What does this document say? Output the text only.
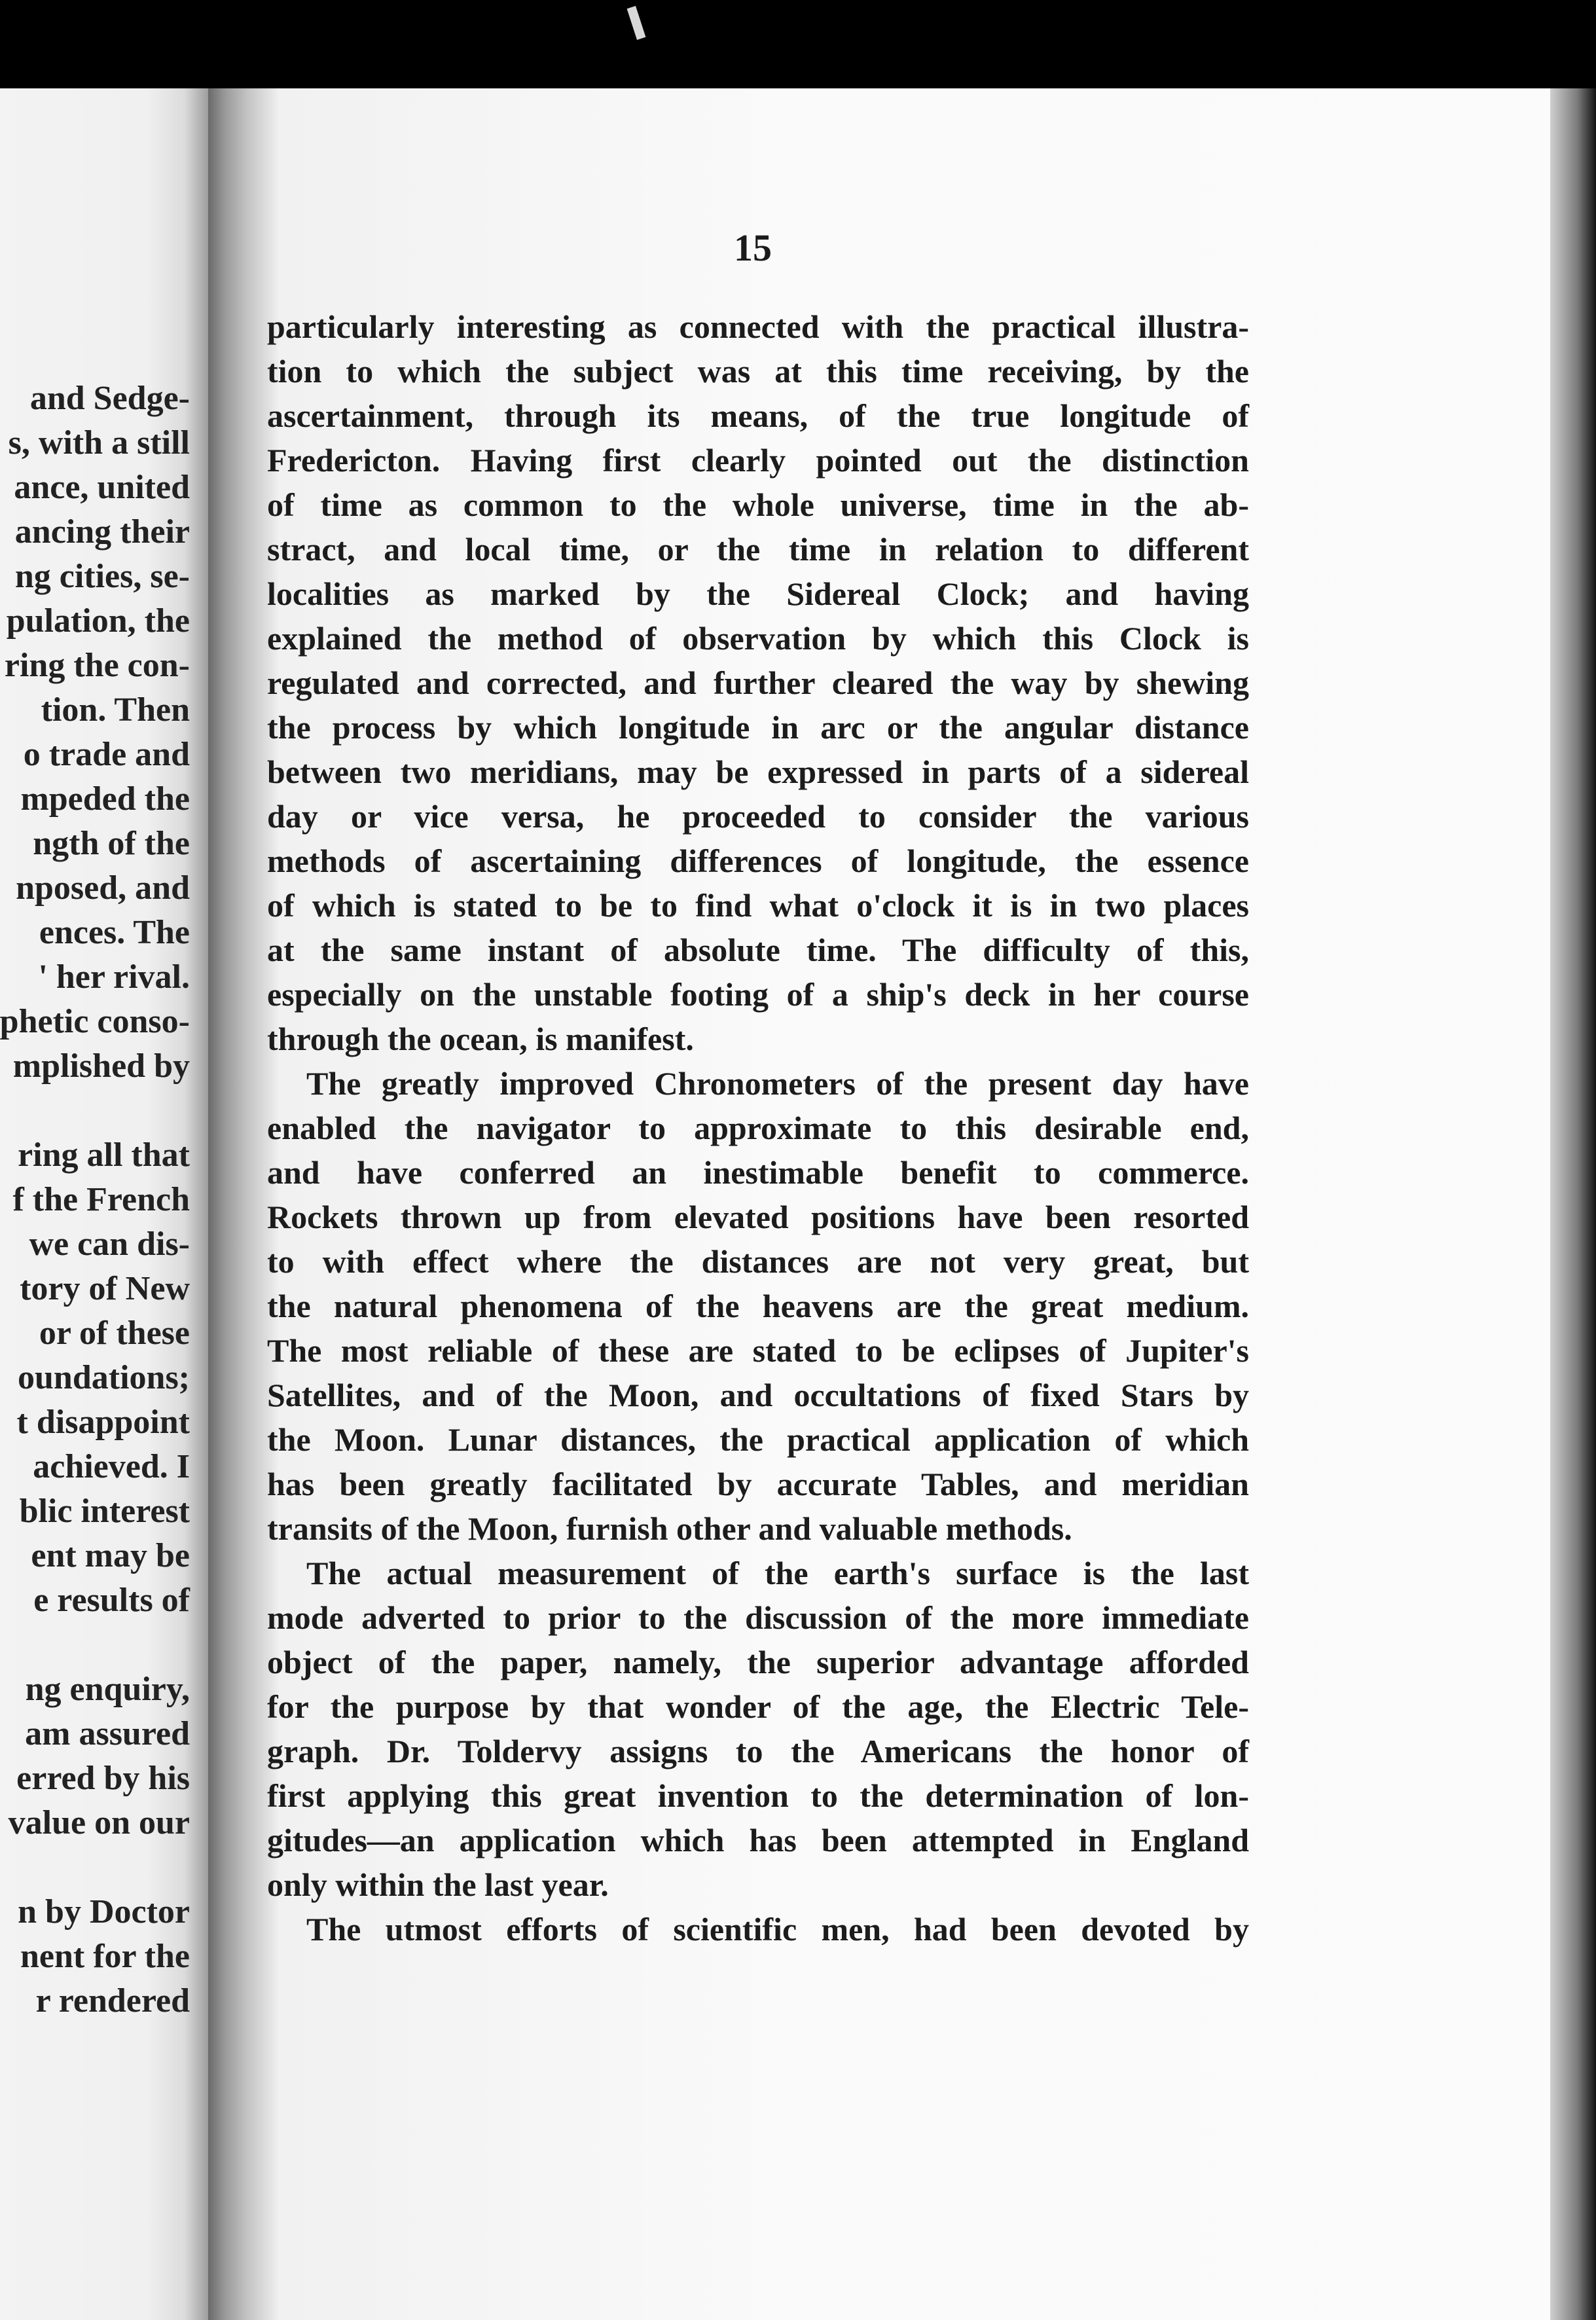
and Sedge-
s, with a still
ance, united
ancing their
ng cities, se-
pulation, the
ring the con-
tion. Then
o trade and
mpeded the
ngth of the
nposed, and
ences. The
' her rival.
phetic conso-
mplished by
ring all that
f the French
we can dis-
tory of New
or of these
oundations;
t disappoint
achieved. I
blic interest
ent may be
e results of
ng enquiry,
am assured
erred by his
value on our
n by Doctor
nent for the
r rendered
15
particularly interesting as connected with the practical illustra-
tion to which the subject was at this time receiving, by the
ascertainment, through its means, of the true longitude of
Fredericton. Having first clearly pointed out the distinction
of time as common to the whole universe, time in the ab-
stract, and local time, or the time in relation to different
localities as marked by the Sidereal Clock; and having
explained the method of observation by which this Clock is
regulated and corrected, and further cleared the way by shewing
the process by which longitude in arc or the angular distance
between two meridians, may be expressed in parts of a sidereal
day or vice versa, he proceeded to consider the various
methods of ascertaining differences of longitude, the essence
of which is stated to be to find what o'clock it is in two places
at the same instant of absolute time. The difficulty of this,
especially on the unstable footing of a ship's deck in her course
through the ocean, is manifest.
The greatly improved Chronometers of the present day have
enabled the navigator to approximate to this desirable end,
and have conferred an inestimable benefit to commerce.
Rockets thrown up from elevated positions have been resorted
to with effect where the distances are not very great, but
the natural phenomena of the heavens are the great medium.
The most reliable of these are stated to be eclipses of Jupiter's
Satellites, and of the Moon, and occultations of fixed Stars by
the Moon. Lunar distances, the practical application of which
has been greatly facilitated by accurate Tables, and meridian
transits of the Moon, furnish other and valuable methods.
The actual measurement of the earth's surface is the last
mode adverted to prior to the discussion of the more immediate
object of the paper, namely, the superior advantage afforded
for the purpose by that wonder of the age, the Electric Tele-
graph. Dr. Toldervy assigns to the Americans the honor of
first applying this great invention to the determination of lon-
gitudes—an application which has been attempted in England
only within the last year.
The utmost efforts of scientific men, had been devoted by
